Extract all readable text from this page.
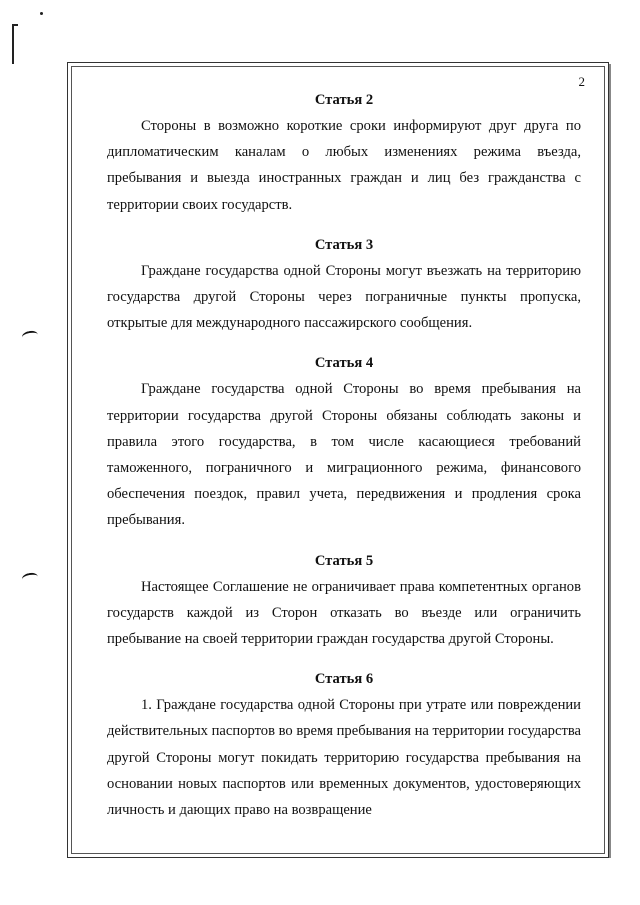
2
Статья 2

Стороны в возможно короткие сроки информируют друг друга по дипломатическим каналам о любых изменениях режима въезда, пребывания и выезда иностранных граждан и лиц без гражданства с территории своих государств.

Статья 3

Граждане государства одной Стороны могут въезжать на территорию государства другой Стороны через пограничные пункты пропуска, открытые для международного пассажирского сообщения.

Статья 4

Граждане государства одной Стороны во время пребывания на территории государства другой Стороны обязаны соблюдать законы и правила этого государства, в том числе касающиеся требований таможенного, пограничного и миграционного режима, финансового обеспечения поездок, правил учета, передвижения и продления срока пребывания.

Статья 5

Настоящее Соглашение не ограничивает права компетентных органов государств каждой из Сторон отказать во въезде или ограничить пребывание на своей территории граждан государства другой Стороны.

Статья 6

1. Граждане государства одной Стороны при утрате или повреждении действительных паспортов во время пребывания на территории государства другой Стороны могут покидать территорию государства пребывания на основании новых паспортов или временных документов, удостоверяющих личность и дающих право на возвращение
